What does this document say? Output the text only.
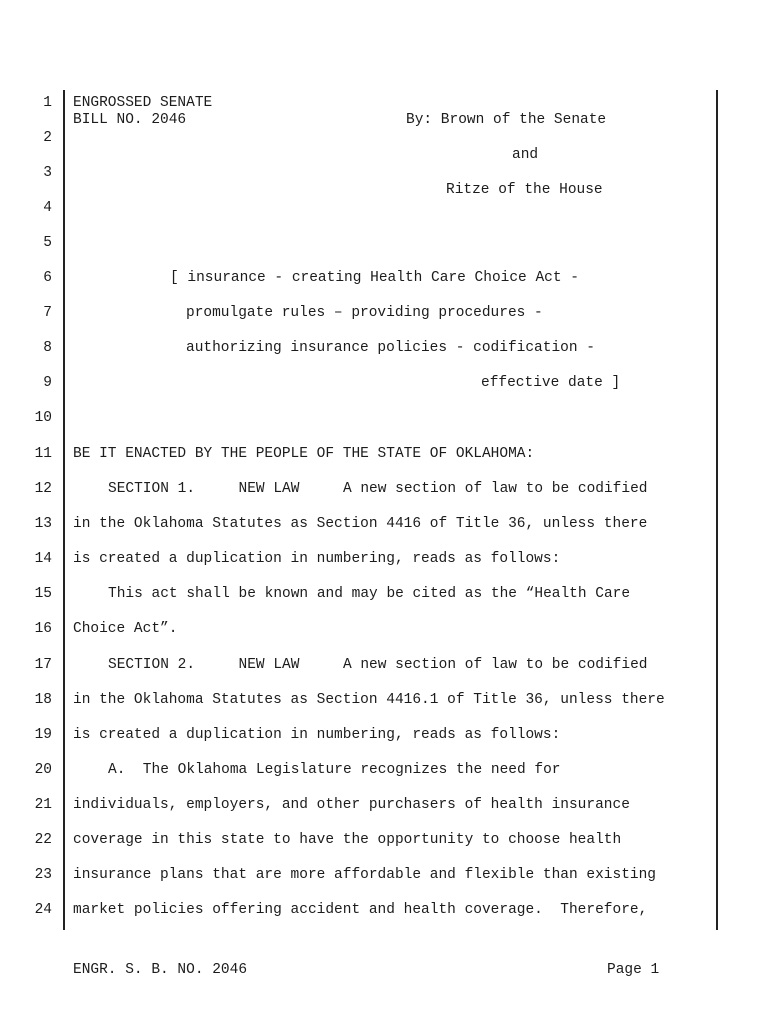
1
2
3
4
5
6
7
8
9
10
11
12
13
14
15
16
17
18
19
20
21
22
23
24
ENGROSSED SENATE
BILL NO. 2046	By: Brown of the Senate
and
Ritze of the House
[ insurance - creating Health Care Choice Act -
promulgate rules – providing procedures -
authorizing insurance policies - codification -
effective date ]
BE IT ENACTED BY THE PEOPLE OF THE STATE OF OKLAHOMA:
SECTION 1.     NEW LAW     A new section of law to be codified
in the Oklahoma Statutes as Section 4416 of Title 36, unless there
is created a duplication in numbering, reads as follows:
This act shall be known and may be cited as the “Health Care
Choice Act”.
SECTION 2.     NEW LAW     A new section of law to be codified
in the Oklahoma Statutes as Section 4416.1 of Title 36, unless there
is created a duplication in numbering, reads as follows:
A.  The Oklahoma Legislature recognizes the need for
individuals, employers, and other purchasers of health insurance
coverage in this state to have the opportunity to choose health
insurance plans that are more affordable and flexible than existing
market policies offering accident and health coverage.  Therefore,
ENGR. S. B. NO. 2046	Page 1
